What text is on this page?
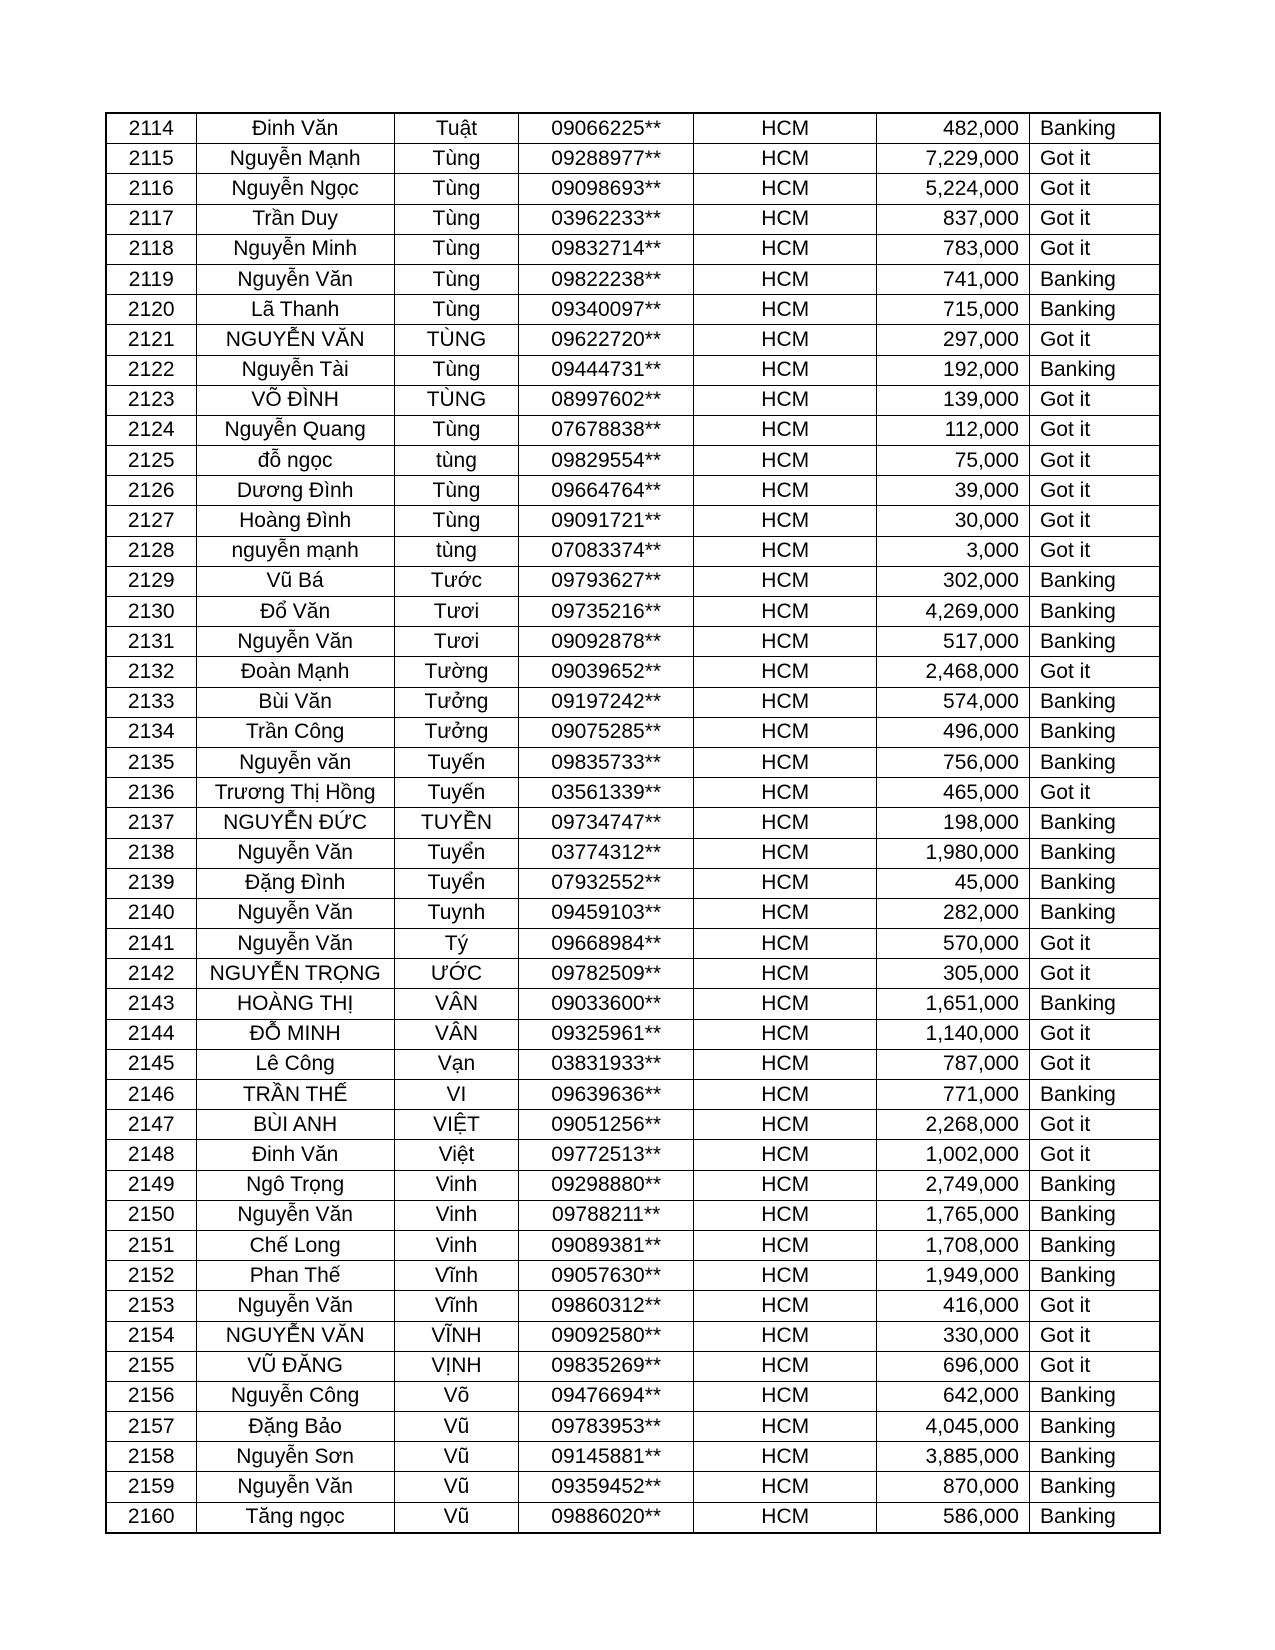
2114	Đinh Văn	Tuật	09066225**	HCM	482,000	Banking
2115	Nguyễn Mạnh	Tùng	09288977**	HCM	7,229,000	Got it
2116	Nguyễn Ngọc	Tùng	09098693**	HCM	5,224,000	Got it
2117	Trần Duy	Tùng	03962233**	HCM	837,000	Got it
2118	Nguyễn Minh	Tùng	09832714**	HCM	783,000	Got it
2119	Nguyễn Văn	Tùng	09822238**	HCM	741,000	Banking
2120	Lã Thanh	Tùng	09340097**	HCM	715,000	Banking
2121	NGUYỄN VĂN	TÙNG	09622720**	HCM	297,000	Got it
2122	Nguyễn Tài	Tùng	09444731**	HCM	192,000	Banking
2123	VÕ ĐÌNH	TÙNG	08997602**	HCM	139,000	Got it
2124	Nguyễn Quang	Tùng	07678838**	HCM	112,000	Got it
2125	đỗ ngọc	tùng	09829554**	HCM	75,000	Got it
2126	Dương Đình	Tùng	09664764**	HCM	39,000	Got it
2127	Hoàng Đình	Tùng	09091721**	HCM	30,000	Got it
2128	nguyễn mạnh	tùng	07083374**	HCM	3,000	Got it
2129	Vũ Bá	Tước	09793627**	HCM	302,000	Banking
2130	Đổ Văn	Tươi	09735216**	HCM	4,269,000	Banking
2131	Nguyễn Văn	Tươi	09092878**	HCM	517,000	Banking
2132	Đoàn Mạnh	Tường	09039652**	HCM	2,468,000	Got it
2133	Bùi Văn	Tưởng	09197242**	HCM	574,000	Banking
2134	Trần Công	Tưởng	09075285**	HCM	496,000	Banking
2135	Nguyễn văn	Tuyến	09835733**	HCM	756,000	Banking
2136	Trương Thị Hồng	Tuyến	03561339**	HCM	465,000	Got it
2137	NGUYỄN ĐỨC	TUYỀN	09734747**	HCM	198,000	Banking
2138	Nguyễn Văn	Tuyển	03774312**	HCM	1,980,000	Banking
2139	Đặng Đình	Tuyển	07932552**	HCM	45,000	Banking
2140	Nguyễn Văn	Tuynh	09459103**	HCM	282,000	Banking
2141	Nguyễn Văn	Tý	09668984**	HCM	570,000	Got it
2142	NGUYỄN TRỌNG	ƯỚC	09782509**	HCM	305,000	Got it
2143	HOÀNG THỊ	VÂN	09033600**	HCM	1,651,000	Banking
2144	ĐỖ MINH	VÂN	09325961**	HCM	1,140,000	Got it
2145	Lê Công	Vạn	03831933**	HCM	787,000	Got it
2146	TRẦN THẾ	VI	09639636**	HCM	771,000	Banking
2147	BÙI ANH	VIỆT	09051256**	HCM	2,268,000	Got it
2148	Đinh Văn	Việt	09772513**	HCM	1,002,000	Got it
2149	Ngô Trọng	Vinh	09298880**	HCM	2,749,000	Banking
2150	Nguyễn Văn	Vinh	09788211**	HCM	1,765,000	Banking
2151	Chế Long	Vinh	09089381**	HCM	1,708,000	Banking
2152	Phan Thế	Vĩnh	09057630**	HCM	1,949,000	Banking
2153	Nguyễn Văn	Vĩnh	09860312**	HCM	416,000	Got it
2154	NGUYỄN VĂN	VĨNH	09092580**	HCM	330,000	Got it
2155	VŨ ĐĂNG	VỊNH	09835269**	HCM	696,000	Got it
2156	Nguyễn Công	Võ	09476694**	HCM	642,000	Banking
2157	Đặng Bảo	Vũ	09783953**	HCM	4,045,000	Banking
2158	Nguyễn Sơn	Vũ	09145881**	HCM	3,885,000	Banking
2159	Nguyễn Văn	Vũ	09359452**	HCM	870,000	Banking
2160	Tăng ngọc	Vũ	09886020**	HCM	586,000	Banking
